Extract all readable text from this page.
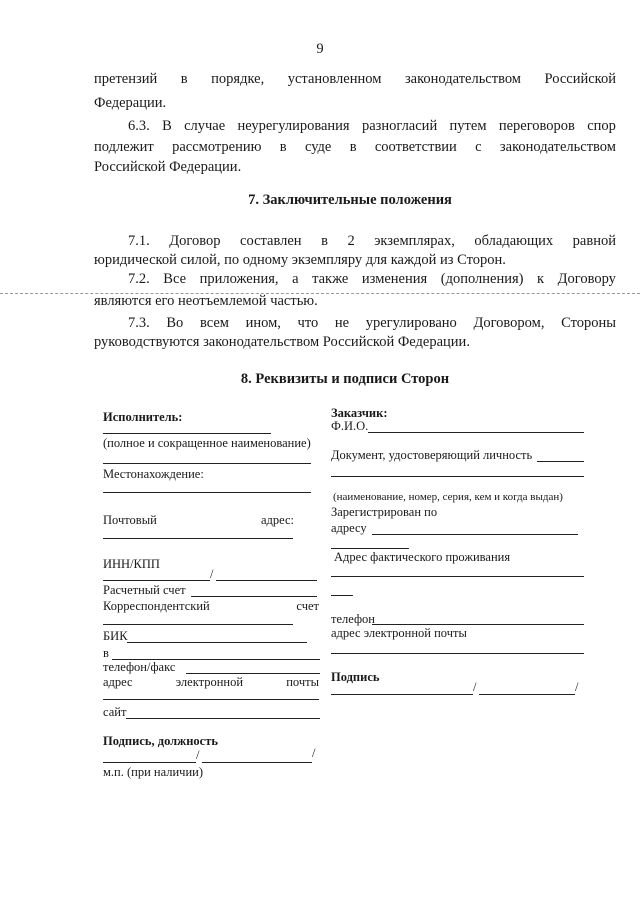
9
претензий в порядке, установленном законодательством Российской
Федерации.
6.3. В случае неурегулирования разногласий путем переговоров спор
подлежит рассмотрению в суде в соответствии с законодательством
Российской Федерации.
7. Заключительные положения
7.1. Договор составлен в 2 экземплярах, обладающих равной
юридической силой, по одному экземпляру для каждой из Сторон.
7.2. Все приложения, а также изменения (дополнения) к Договору
являются его неотъемлемой частью.
7.3. Во всем ином, что не урегулировано Договором, Стороны
руководствуются законодательством Российской Федерации.
8. Реквизиты и подписи Сторон
Исполнитель:
(полное и сокращенное наименование)
Местонахождение:
Почтовый	адрес:
ИНН/КПП
/
Расчетный счет
Корреспондентский	счет
БИК
в
телефон/факс
адрес	электронной	почты
сайт
Подпись, должность
/	/
м.п. (при наличии)
Заказчик:
Ф.И.О.
Документ, удостоверяющий личность
(наименование, номер, серия, кем и когда выдан)
Зарегистрирован по
адресу
Адрес фактического проживания
телефон
адрес электронной почты
Подпись
/	/
